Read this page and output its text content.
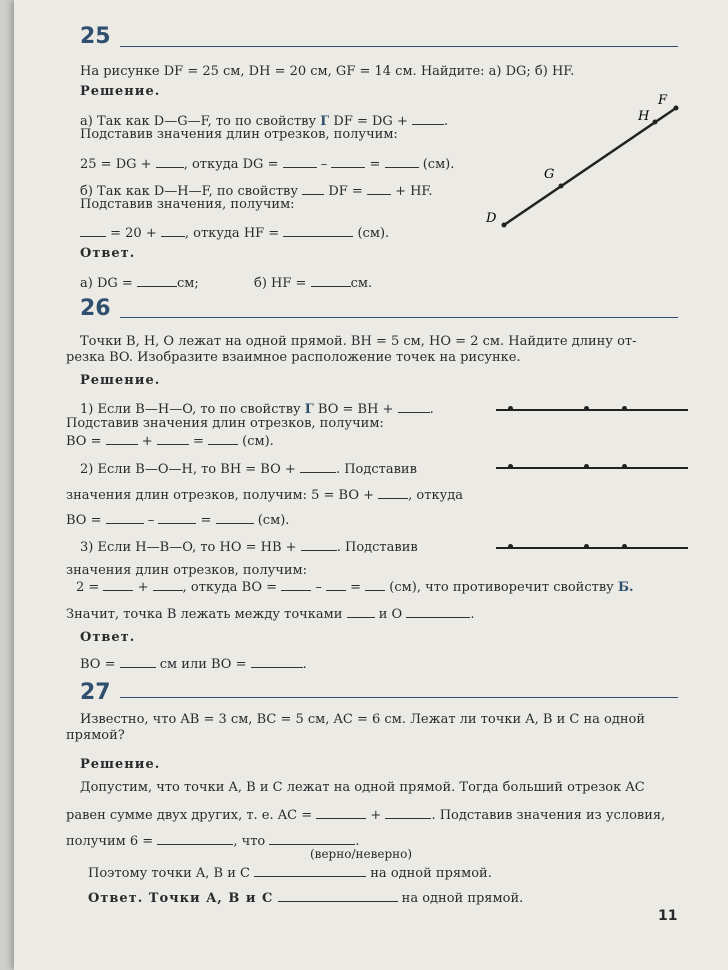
25
На рисунке DF = 25 см, DH = 20 см, GF = 14 см. Найдите: а) DG; б) HF.
Решение.
а) Так как D—G—F, то по свойству Г DF = DG +	.
Подставив значения длин отрезков, получим:
25 = DG + , откуда DG =	–	=	(см).
б) Так как D—H—F, по свойству DF = + HF.
Подставив значения, получим:
= 20 + , откуда HF =	(см).
Ответ.
а) DG =	см;	б) HF =	см.
F
H
G
D
26
Точки B, H, O лежат на одной прямой. BH = 5 см, HO = 2 см. Найдите длину от-
резка BO. Изобразите взаимное расположение точек на рисунке.
Решение.
1) Если B—H—O, то по свойству Г BO = BH +	.
Подставив значения длин отрезков, получим:
BO =	+	=	(см).
2) Если B—O—H, то BH = BO +	. Подставив
значения длин отрезков, получим: 5 = BO +	, откуда
BO =	–	=	(см).
3) Если H—B—O, то HO = HB +	. Подставив
значения длин отрезков, получим:
2 =	+	, откуда BO =	– = (см), что противоречит свойству Б.
Значит, точка B лежать между точками	и O	.
Ответ.
BO =	см или BO =	.
27
Известно, что AB = 3 см, BC = 5 см, AC = 6 см. Лежат ли точки A, B и C на одной
прямой?
Решение.
Допустим, что точки A, B и C лежат на одной прямой. Тогда больший отрезок AC
равен сумме двух других, т. е. AC =	+	. Подставив значения из условия,
получим 6 =	, что	.
(верно/неверно)
Поэтому точки A, B и C	на одной прямой.
Ответ. Точки A, B и C	на одной прямой.
11
